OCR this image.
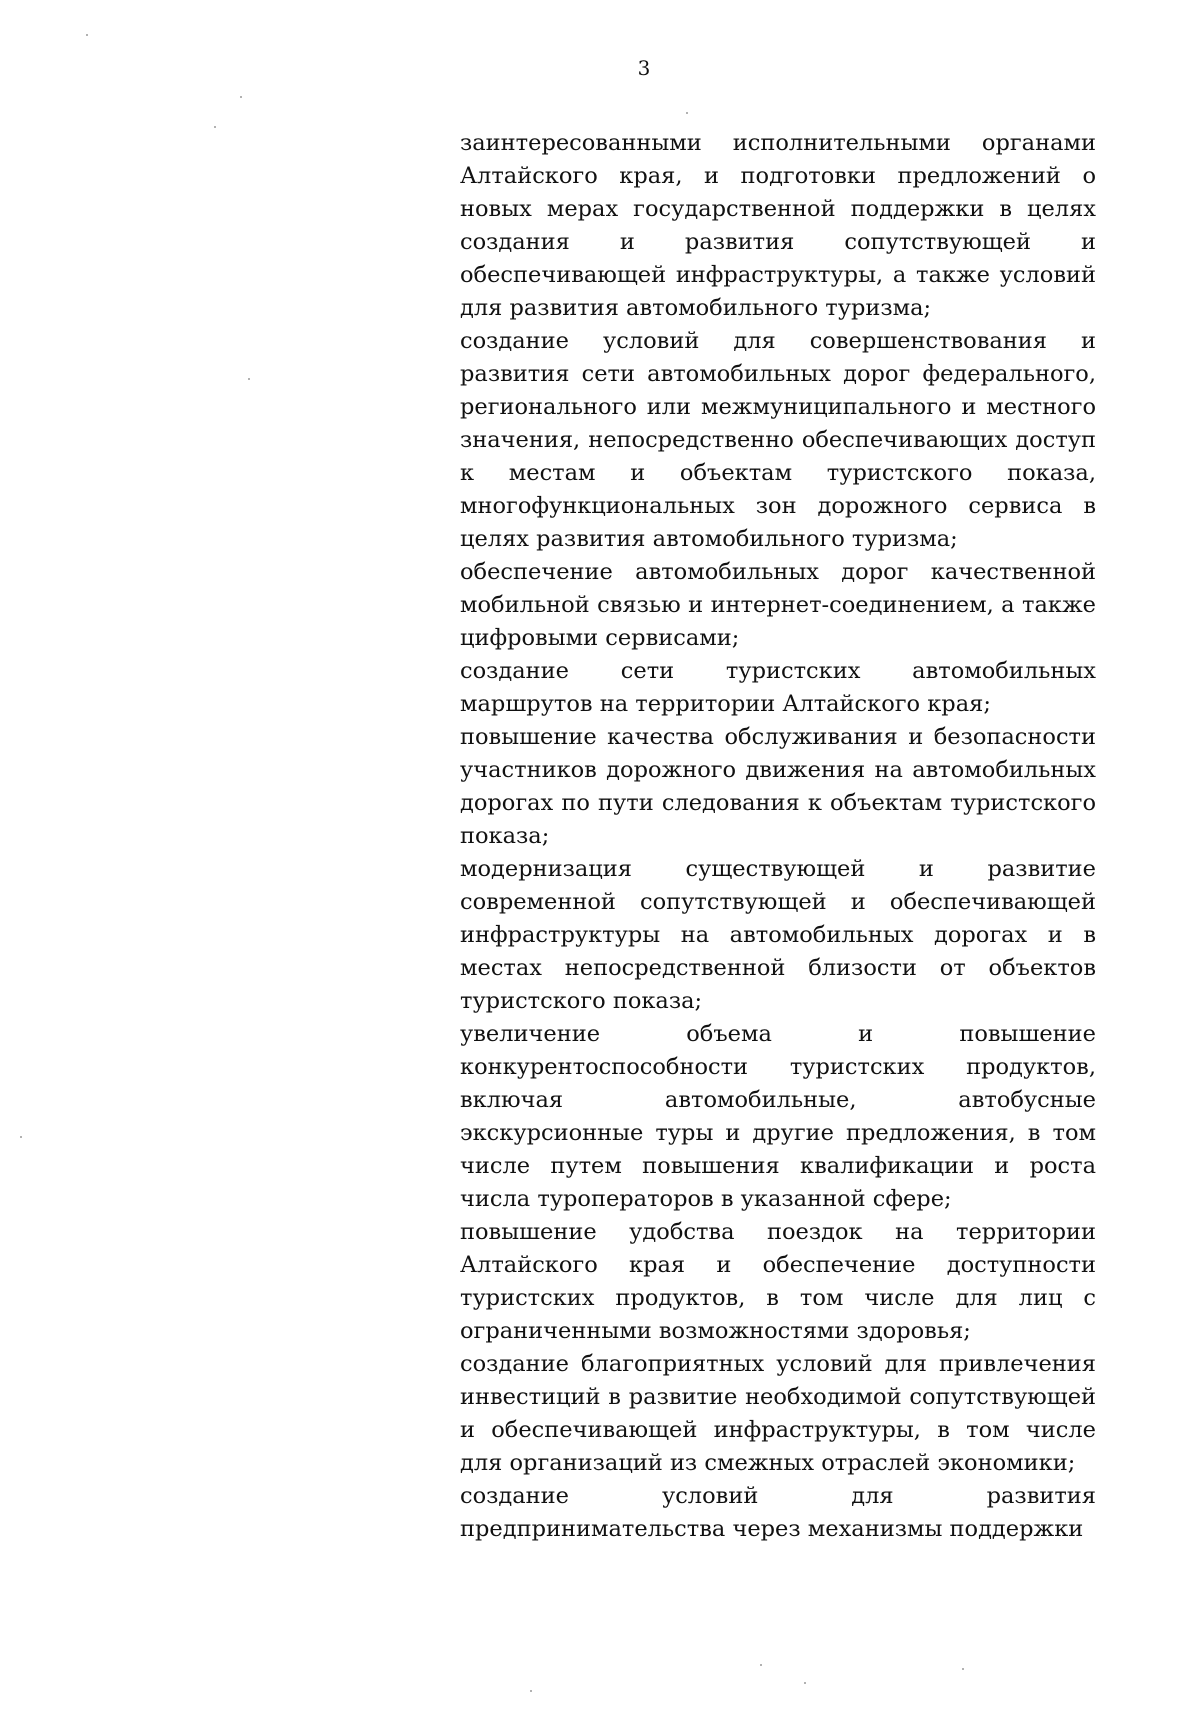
3

заинтересованными исполнительными органами Алтайского края, и подготовки предложений о новых мерах государственной поддержки в целях создания и развития сопутствующей и обеспечивающей инфраструктуры, а также условий для развития автомобильного туризма;

создание условий для совершенствования и развития сети автомобильных дорог федерального, регионального или межмуниципального и местного значения, непосредственно обеспечивающих доступ к местам и объектам туристского показа, многофункциональных зон дорожного сервиса в целях развития автомобильного туризма;

обеспечение автомобильных дорог качественной мобильной связью и интернет-соединением, а также цифровыми сервисами;

создание сети туристских автомобильных маршрутов на территории Алтайского края;

повышение качества обслуживания и безопасности участников дорожного движения на автомобильных дорогах по пути следования к объектам туристского показа;

модернизация существующей и развитие современной сопутствующей и обеспечивающей инфраструктуры на автомобильных дорогах и в местах непосредственной близости от объектов туристского показа;

увеличение объема и повышение конкурентоспособности туристских продуктов, включая автомобильные, автобусные экскурсионные туры и другие предложения, в том числе путем повышения квалификации и роста числа туроператоров в указанной сфере;

повышение удобства поездок на территории Алтайского края и обеспечение доступности туристских продуктов, в том числе для лиц с ограниченными возможностями здоровья;

создание благоприятных условий для привлечения инвестиций в развитие необходимой сопутствующей и обеспечивающей инфраструктуры, в том числе для организаций из смежных отраслей экономики;

создание условий для развития предпринимательства через механизмы поддержки
